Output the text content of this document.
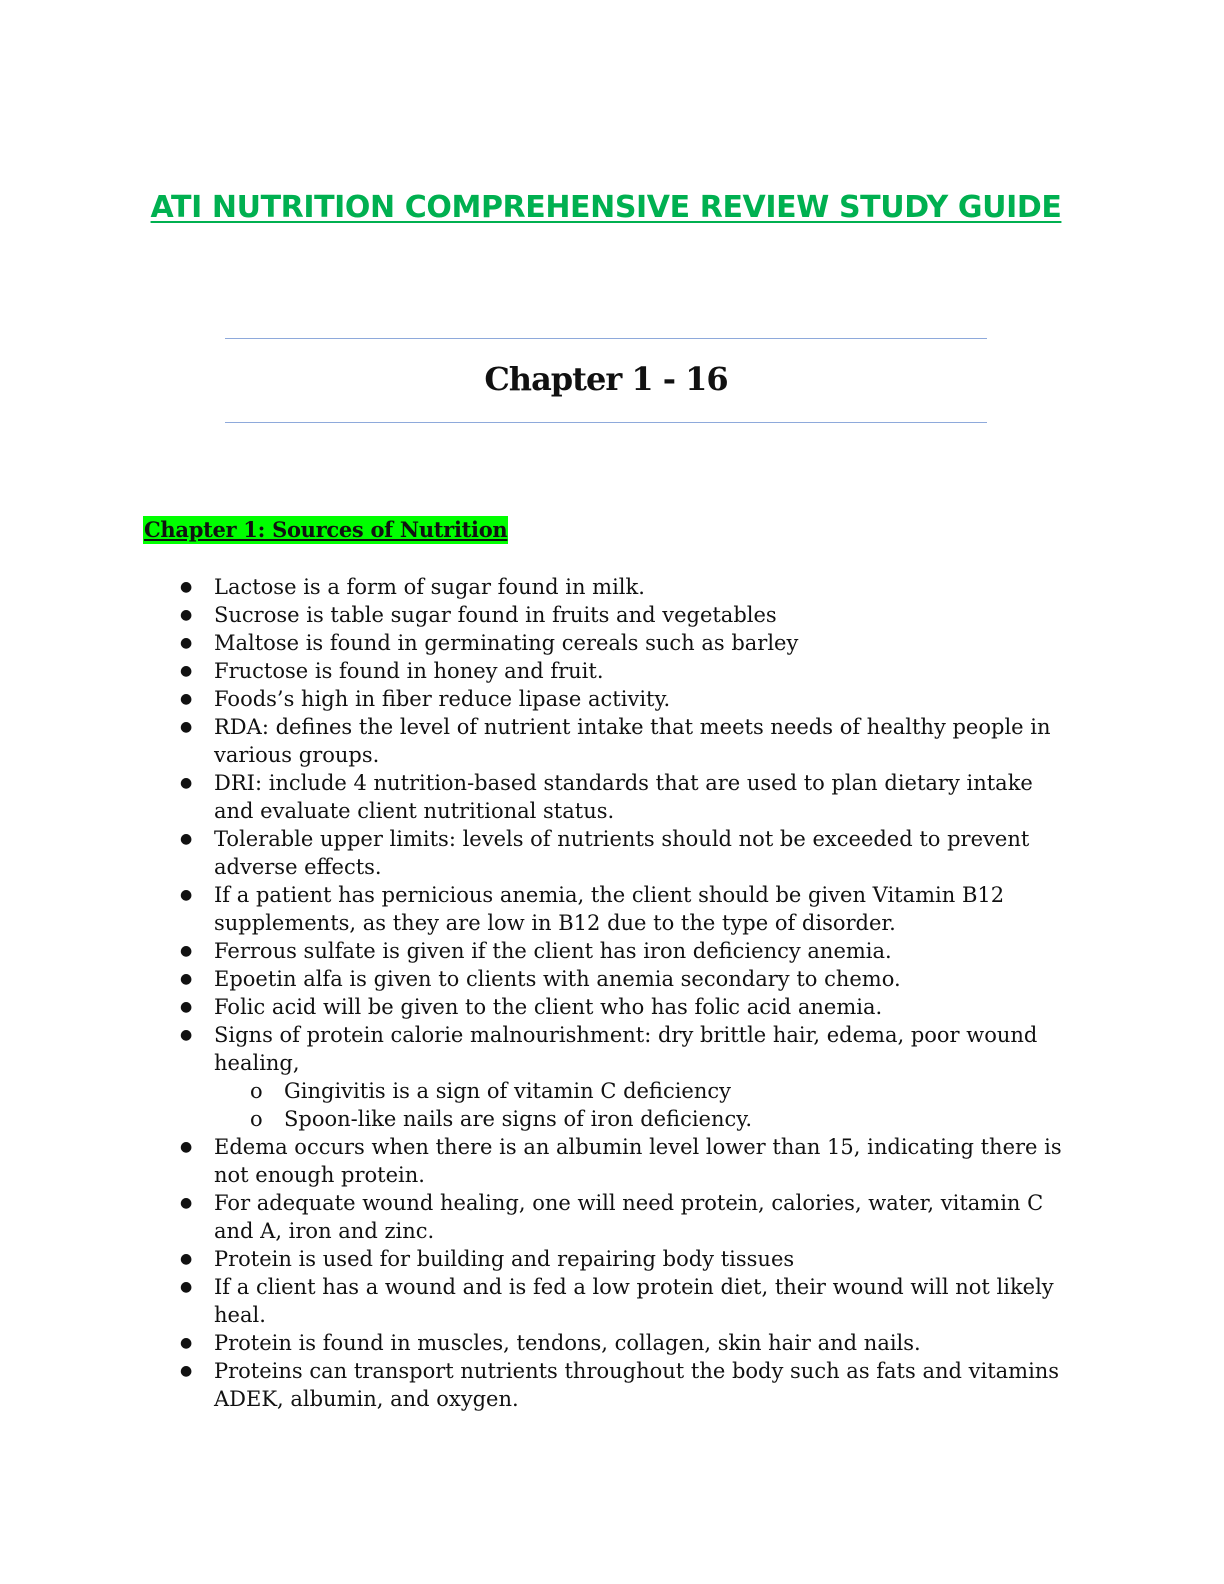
ATI NUTRITION COMPREHENSIVE REVIEW STUDY GUIDE
Chapter 1 - 16
Chapter 1: Sources of Nutrition
● Lactose is a form of sugar found in milk.
● Sucrose is table sugar found in fruits and vegetables
● Maltose is found in germinating cereals such as barley
● Fructose is found in honey and fruit.
● Foods’s high in fiber reduce lipase activity.
● RDA: defines the level of nutrient intake that meets needs of healthy people in various groups.
● DRI: include 4 nutrition-based standards that are used to plan dietary intake and evaluate client nutritional status.
● Tolerable upper limits: levels of nutrients should not be exceeded to prevent adverse effects.
● If a patient has pernicious anemia, the client should be given Vitamin B12 supplements, as they are low in B12 due to the type of disorder.
● Ferrous sulfate is given if the client has iron deficiency anemia.
● Epoetin alfa is given to clients with anemia secondary to chemo.
● Folic acid will be given to the client who has folic acid anemia.
● Signs of protein calorie malnourishment: dry brittle hair, edema, poor wound healing,
o Gingivitis is a sign of vitamin C deficiency
o Spoon-like nails are signs of iron deficiency.
● Edema occurs when there is an albumin level lower than 15, indicating there is not enough protein.
● For adequate wound healing, one will need protein, calories, water, vitamin C and A, iron and zinc.
● Protein is used for building and repairing body tissues
● If a client has a wound and is fed a low protein diet, their wound will not likely heal.
● Protein is found in muscles, tendons, collagen, skin hair and nails.
● Proteins can transport nutrients throughout the body such as fats and vitamins ADEK, albumin, and oxygen.
